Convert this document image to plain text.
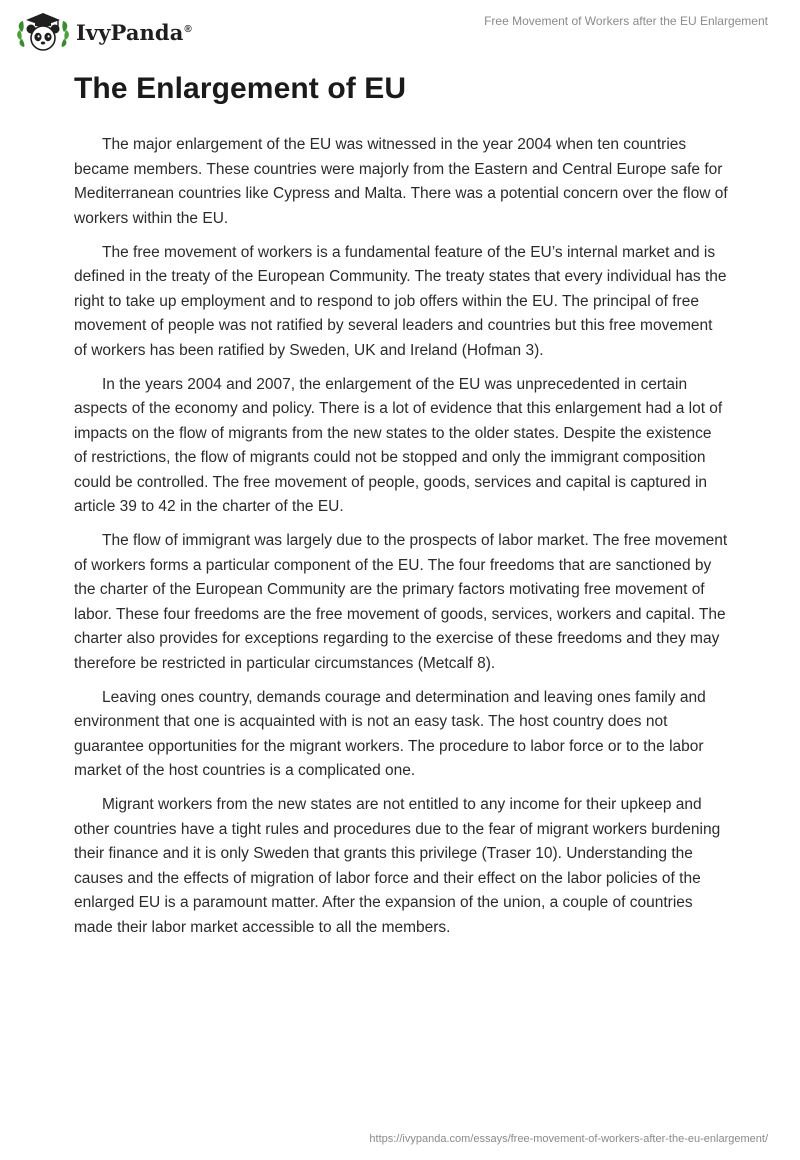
IvyPanda®
Free Movement of Workers after the EU Enlargement
The Enlargement of EU

The major enlargement of the EU was witnessed in the year 2004 when ten countries became members. These countries were majorly from the Eastern and Central Europe safe for Mediterranean countries like Cypress and Malta. There was a potential concern over the flow of workers within the EU.

The free movement of workers is a fundamental feature of the EU’s internal market and is defined in the treaty of the European Community. The treaty states that every individual has the right to take up employment and to respond to job offers within the EU. The principal of free movement of people was not ratified by several leaders and countries but this free movement of workers has been ratified by Sweden, UK and Ireland (Hofman 3).

In the years 2004 and 2007, the enlargement of the EU was unprecedented in certain aspects of the economy and policy. There is a lot of evidence that this enlargement had a lot of impacts on the flow of migrants from the new states to the older states. Despite the existence of restrictions, the flow of migrants could not be stopped and only the immigrant composition could be controlled. The free movement of people, goods, services and capital is captured in article 39 to 42 in the charter of the EU.

The flow of immigrant was largely due to the prospects of labor market. The free movement of workers forms a particular component of the EU. The four freedoms that are sanctioned by the charter of the European Community are the primary factors motivating free movement of labor. These four freedoms are the free movement of goods, services, workers and capital. The charter also provides for exceptions regarding to the exercise of these freedoms and they may therefore be restricted in particular circumstances (Metcalf 8).

Leaving ones country, demands courage and determination and leaving ones family and environment that one is acquainted with is not an easy task. The host country does not guarantee opportunities for the migrant workers. The procedure to labor force or to the labor market of the host countries is a complicated one.

Migrant workers from the new states are not entitled to any income for their upkeep and other countries have a tight rules and procedures due to the fear of migrant workers burdening their finance and it is only Sweden that grants this privilege (Traser 10). Understanding the causes and the effects of migration of labor force and their effect on the labor policies of the enlarged EU is a paramount matter. After the expansion of the union, a couple of countries made their labor market accessible to all the members.

https://ivypanda.com/essays/free-movement-of-workers-after-the-eu-enlargement/
